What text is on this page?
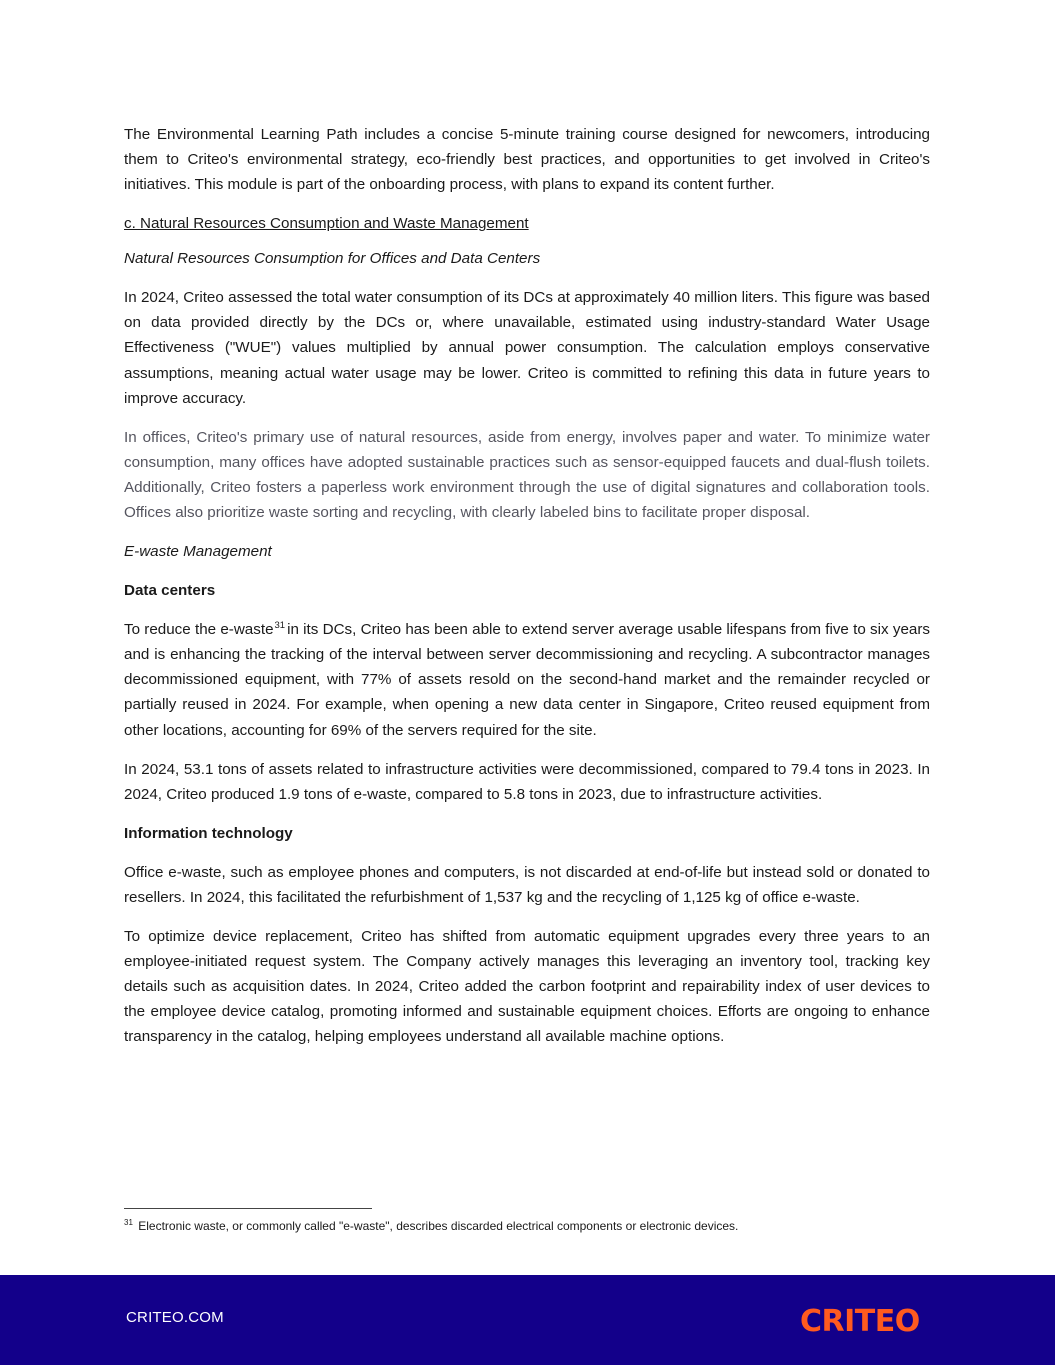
The Environmental Learning Path includes a concise 5-minute training course designed for newcomers, introducing them to Criteo's environmental strategy, eco-friendly best practices, and opportunities to get involved in Criteo's initiatives. This module is part of the onboarding process, with plans to expand its content further.

c. Natural Resources Consumption and Waste Management

Natural Resources Consumption for Offices and Data Centers

In 2024, Criteo assessed the total water consumption of its DCs at approximately 40 million liters. This figure was based on data provided directly by the DCs or, where unavailable, estimated using industry-standard Water Usage Effectiveness ("WUE") values multiplied by annual power consumption. The calculation employs conservative assumptions, meaning actual water usage may be lower. Criteo is committed to refining this data in future years to improve accuracy.

In offices, Criteo's primary use of natural resources, aside from energy, involves paper and water. To minimize water consumption, many offices have adopted sustainable practices such as sensor-equipped faucets and dual-flush toilets. Additionally, Criteo fosters a paperless work environment through the use of digital signatures and collaboration tools. Offices also prioritize waste sorting and recycling, with clearly labeled bins to facilitate proper disposal.

E-waste Management

Data centers

To reduce the e-waste$^{31}$ in its DCs, Criteo has been able to extend server average usable lifespans from five to six years and is enhancing the tracking of the interval between server decommissioning and recycling. A subcontractor manages decommissioned equipment, with 77% of assets resold on the second-hand market and the remainder recycled or partially reused in 2024. For example, when opening a new data center in Singapore, Criteo reused equipment from other locations, accounting for 69% of the servers required for the site.

In 2024, 53.1 tons of assets related to infrastructure activities were decommissioned, compared to 79.4 tons in 2023. In 2024, Criteo produced 1.9 tons of e-waste, compared to 5.8 tons in 2023, due to infrastructure activities.

Information technology

Office e-waste, such as employee phones and computers, is not discarded at end-of-life but instead sold or donated to resellers. In 2024, this facilitated the refurbishment of 1,537 kg and the recycling of 1,125 kg of office e-waste.

To optimize device replacement, Criteo has shifted from automatic equipment upgrades every three years to an employee-initiated request system. The Company actively manages this leveraging an inventory tool, tracking key details such as acquisition dates. In 2024, Criteo added the carbon footprint and repairability index of user devices to the employee device catalog, promoting informed and sustainable equipment choices. Efforts are ongoing to enhance transparency in the catalog, helping employees understand all available machine options.

$^{31}$ Electronic waste, or commonly called "e-waste", describes discarded electrical components or electronic devices.
CRITEO.COM	CRITEO
